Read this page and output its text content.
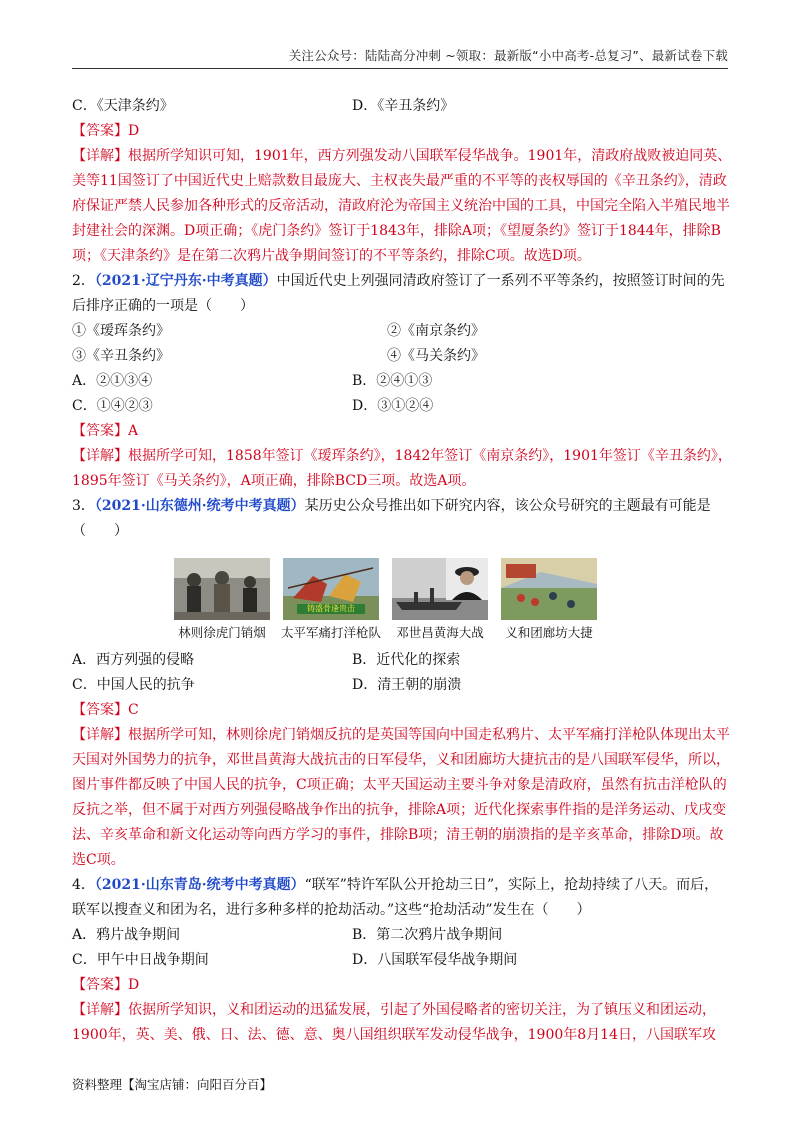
关注公众号：陆陆高分冲刺 ~领取：最新版“小中高考-总复习”、最新试卷下载
C．《天津条约》	D．《辛丑条约》
【答案】D
【详解】根据所学知识可知，1901年，西方列强发动八国联军侵华战争。1901年，清政府战败被迫同英、美等11国签订了中国近代史上赔款数目最庞大、主权丧失最严重的不平等的丧权辱国的《辛丑条约》，清政府保证严禁人民参加各种形式的反帝活动，清政府沦为帝国主义统治中国的工具，中国完全陷入半殖民地半封建社会的深渊。D项正确；《虎门条约》签订于1843年，排除A项；《望厦条约》签订于1844年，排除B项；《天津条约》是在第二次鸦片战争期间签订的不平等条约，排除C项。故选D项。
2．（2021·辽宁丹东·中考真题）中国近代史上列强同清政府签订了一系列不平等条约，按照签订时间的先后排序正确的一项是（　　）
①《瑷珲条约》	②《南京条约》
③《辛丑条约》	④《马关条约》
A．②①③④	B．②④①③
C．①④②③	D．③①②④
【答案】A
【详解】根据所学可知，1858年签订《瑷珲条约》，1842年签订《南京条约》，1901年签订《辛丑条约》，1895年签订《马关条约》，A项正确，排除BCD三项。故选A项。
3．（2021·山东德州·统考中考真题）某历史公众号推出如下研究内容，该公众号研究的主题最有可能是（　　）
林则徐虎门销烟
铸盛骨逢贵击
太平军痛打洋枪队	邓世昌黄海大战	义和团廊坊大捷
A．西方列强的侵略	B．近代化的探索
C．中国人民的抗争	D．清王朝的崩溃
【答案】C
【详解】根据所学可知，林则徐虎门销烟反抗的是英国等国向中国走私鸦片、太平军痛打洋枪队体现出太平天国对外国势力的抗争，邓世昌黄海大战抗击的日军侵华，义和团廊坊大捷抗击的是八国联军侵华，所以，图片事件都反映了中国人民的抗争，C项正确；太平天国运动主要斗争对象是清政府，虽然有抗击洋枪队的反抗之举，但不属于对西方列强侵略战争作出的抗争，排除A项；近代化探索事件指的是洋务运动、戊戌变法、辛亥革命和新文化运动等向西方学习的事件，排除B项；清王朝的崩溃指的是辛亥革命，排除D项。故选C项。
4．（2021·山东青岛·统考中考真题）“联军”特许军队公开抢劫三日”，实际上，抢劫持续了八天。而后，联军以搜查义和团为名，进行多种多样的抢劫活动。”这些“抢劫活动”发生在（　　）
A．鸦片战争期间	B．第二次鸦片战争期间
C．甲午中日战争期间	D．八国联军侵华战争期间
【答案】D
【详解】依据所学知识，义和团运动的迅猛发展，引起了外国侵略者的密切关注，为了镇压义和团运动，1900年，英、美、俄、日、法、德、意、奥八国组织联军发动侵华战争，1900年8月14日，八国联军攻
资料整理【淘宝店铺：向阳百分百】
